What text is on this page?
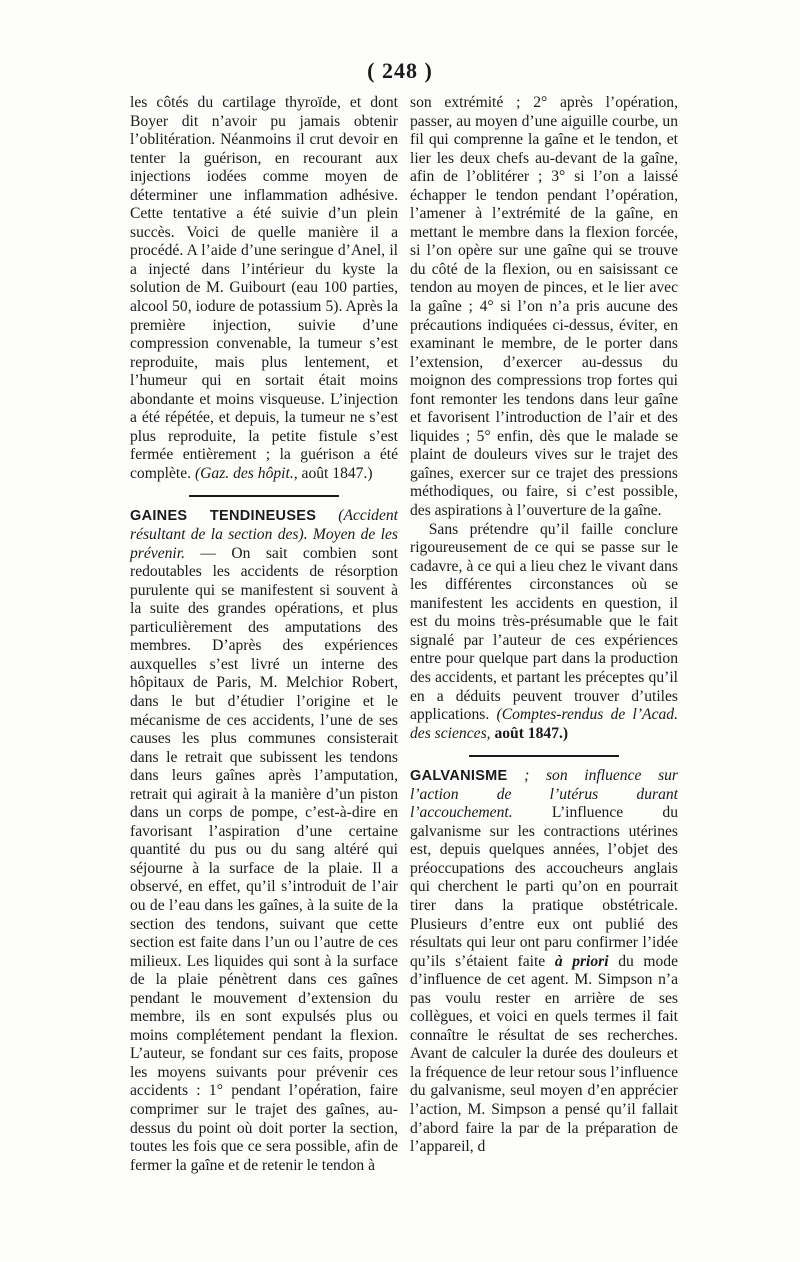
( 248 )

les côtés du cartilage thyroïde, et dont Boyer dit n’avoir pu jamais obtenir l’oblitération. Néanmoins il crut devoir en tenter la guérison, en recourant aux injections iodées comme moyen de déterminer une inflammation adhésive. Cette tentative a été suivie d’un plein succès. Voici de quelle manière il a procédé. A l’aide d’une seringue d’Anel, il a injecté dans l’intérieur du kyste la solution de M. Guibourt (eau 100 parties, alcool 50, iodure de potassium 5). Après la première injection, suivie d’une compression convenable, la tumeur s’est reproduite, mais plus lentement, et l’humeur qui en sortait était moins abondante et moins visqueuse. L’injection a été répétée, et depuis, la tumeur ne s’est plus reproduite, la petite fistule s’est fermée entièrement ; la guérison a été complète. (Gaz. des hôpit., août 1847.)

GAINES TENDINEUSES (Accident résultant de la section des). Moyen de les prévenir. — On sait combien sont redoutables les accidents de résorption purulente qui se manifestent si souvent à la suite des grandes opérations, et plus particulièrement des amputations des membres. D’après des expériences auxquelles s’est livré un interne des hôpitaux de Paris, M. Melchior Robert, dans le but d’étudier l’origine et le mécanisme de ces accidents, l’une de ses causes les plus communes consisterait dans le retrait que subissent les tendons dans leurs gaînes après l’amputation, retrait qui agirait à la manière d’un piston dans un corps de pompe, c’est-à-dire en favorisant l’aspiration d’une certaine quantité du pus ou du sang altéré qui séjourne à la surface de la plaie. Il a observé, en effet, qu’il s’introduit de l’air ou de l’eau dans les gaînes, à la suite de la section des tendons, suivant que cette section est faite dans l’un ou l’autre de ces milieux. Les liquides qui sont à la surface de la plaie pénètrent dans ces gaînes pendant le mouvement d’extension du membre, ils en sont expulsés plus ou moins complétement pendant la flexion. L’auteur, se fondant sur ces faits, propose les moyens suivants pour prévenir ces accidents : 1° pendant l’opération, faire comprimer sur le trajet des gaînes, au-dessus du point où doit porter la section, toutes les fois que ce sera possible, afin de fermer la gaîne et de retenir le tendon à

son extrémité ; 2° après l’opération, passer, au moyen d’une aiguille courbe, un fil qui comprenne la gaîne et le tendon, et lier les deux chefs au-devant de la gaîne, afin de l’oblitérer ; 3° si l’on a laissé échapper le tendon pendant l’opération, l’amener à l’extrémité de la gaîne, en mettant le membre dans la flexion forcée, si l’on opère sur une gaîne qui se trouve du côté de la flexion, ou en saisissant ce tendon au moyen de pinces, et le lier avec la gaîne ; 4° si l’on n’a pris aucune des précautions indiquées ci-dessus, éviter, en examinant le membre, de le porter dans l’extension, d’exercer au-dessus du moignon des compressions trop fortes qui font remonter les tendons dans leur gaîne et favorisent l’introduction de l’air et des liquides ; 5° enfin, dès que le malade se plaint de douleurs vives sur le trajet des gaînes, exercer sur ce trajet des pressions méthodiques, ou faire, si c’est possible, des aspirations à l’ouverture de la gaîne.

Sans prétendre qu’il faille conclure rigoureusement de ce qui se passe sur le cadavre, à ce qui a lieu chez le vivant dans les différentes circonstances où se manifestent les accidents en question, il est du moins très-présumable que le fait signalé par l’auteur de ces expériences entre pour quelque part dans la production des accidents, et partant les préceptes qu’il en a déduits peuvent trouver d’utiles applications. (Comptes-rendus de l’Acad. des sciences, août 1847.)

GALVANISME ; son influence sur l’action de l’utérus durant l’accouchement.	L’influence du galvanisme sur les contractions utérines est, depuis quelques années, l’objet des préoccupations des accoucheurs anglais qui cherchent le parti qu’on en pourrait tirer dans la pratique obstétricale. Plusieurs d’entre eux ont publié des résultats qui leur ont paru confirmer l’idée qu’ils s’étaient faite à priori du mode d’influence de cet agent. M. Simpson n’a pas voulu rester en arrière de ses collègues, et voici en quels termes il fait connaître le résultat de ses recherches. Avant de calculer la durée des douleurs et la fréquence de leur retour sous l’influence du galvanisme, seul moyen d’en apprécier l’action, M. Simpson a pensé qu’il fallait d’abord faire la par de la préparation de l’appareil, d
